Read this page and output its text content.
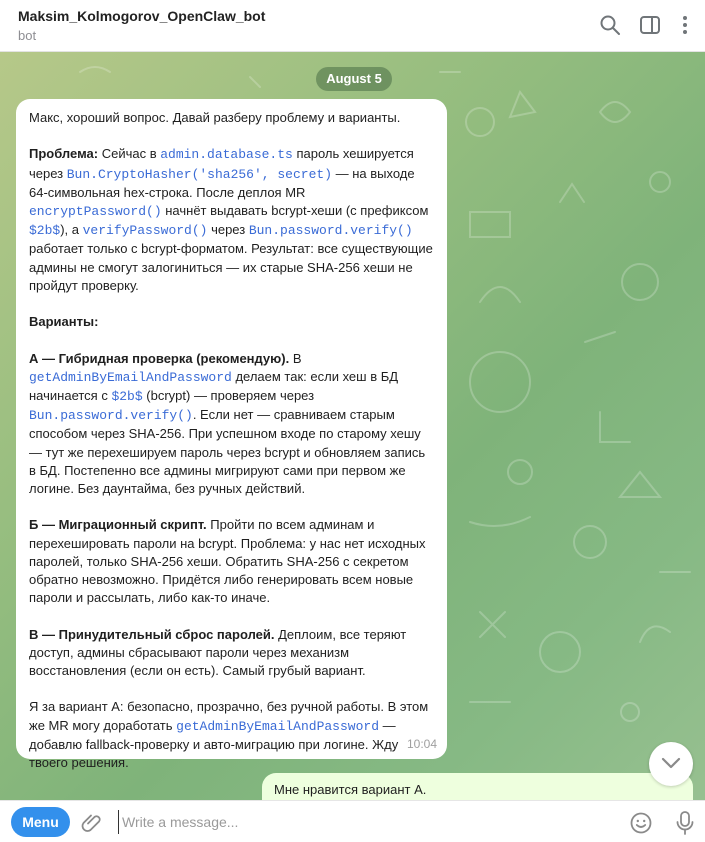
Maksim_Kolmogorov_OpenClaw_bot
bot
August 5
Макс, хороший вопрос. Давай разберу проблему и варианты.
Проблема: Сейчас в admin.database.ts пароль хешируется через Bun.CryptoHasher('sha256', secret) — на выходе 64-символьная hex-строка. После деплоя MR encryptPassword() начнёт выдавать bcrypt-хеши (с префиксом $2b$), а verifyPassword() через Bun.password.verify() работает только с bcrypt-форматом. Результат: все существующие админы не смогут залогиниться — их старые SHA-256 хеши не пройдут проверку.
Варианты:
А — Гибридная проверка (рекомендую). В getAdminByEmailAndPassword делаем так: если хеш в БД начинается с $2b$ (bcrypt) — проверяем через Bun.password.verify(). Если нет — сравниваем старым способом через SHA-256. При успешном входе по старому хешу — тут же перехешируем пароль через bcrypt и обновляем запись в БД. Постепенно все админы мигрируют сами при первом же логине. Без даунтайма, без ручных действий.
Б — Миграционный скрипт. Пройти по всем админам и перехешировать пароли на bcrypt. Проблема: у нас нет исходных паролей, только SHA-256 хеши. Обратить SHA-256 с секретом обратно невозможно. Придётся либо генерировать всем новые пароли и рассылать, либо как-то иначе.
В — Принудительный сброс паролей. Деплоим, все теряют доступ, админы сбрасывают пароли через механизм восстановления (если он есть). Самый грубый вариант.
Я за вариант А: безопасно, прозрачно, без ручной работы. В этом же MR могу доработать getAdminByEmailAndPassword — добавлю fallback-проверку и авто-миграцию при логине. Жду твоего решения.
10:04
Мне нравится вариант А.
Menu
Write a message...
